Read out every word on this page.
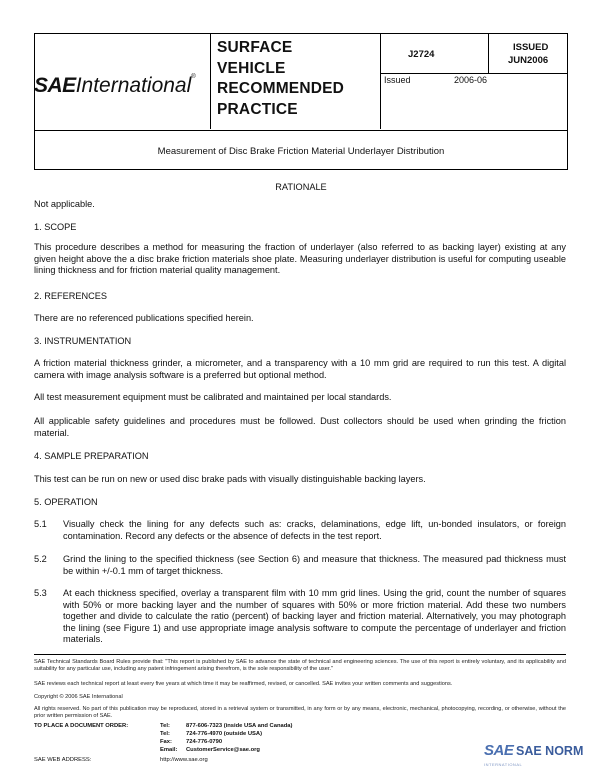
SAEInternational®
SURFACE
VEHICLE
RECOMMENDED
PRACTICE
J2724
ISSUED
JUN2006
Issued	2006-06
Measurement of Disc Brake Friction Material Underlayer Distribution
RATIONALE
Not applicable.
1. SCOPE
This procedure describes a method for measuring the fraction of underlayer (also referred to as backing layer) existing at any given height above the a disc brake friction materials shoe plate. Measuring underlayer distribution is useful for computing useable lining thickness and for friction material quality management.
2. REFERENCES
There are no referenced publications specified herein.
3. INSTRUMENTATION
A friction material thickness grinder, a micrometer, and a transparency with a 10 mm grid are required to run this test. A digital camera with image analysis software is a preferred but optional method.
All test measurement equipment must be calibrated and maintained per local standards.
All applicable safety guidelines and procedures must be followed. Dust collectors should be used when grinding the friction material.
4. SAMPLE PREPARATION
This test can be run on new or used disc brake pads with visually distinguishable backing layers.
5. OPERATION
5.1 Visually check the lining for any defects such as: cracks, delaminations, edge lift, un-bonded insulators, or foreign contamination. Record any defects or the absence of defects in the test report.
5.2 Grind the lining to the specified thickness (see Section 6) and measure that thickness. The measured pad thickness must be within +/-0.1 mm of target thickness.
5.3 At each thickness specified, overlay a transparent film with 10 mm grid lines. Using the grid, count the number of squares with 50% or more backing layer and the number of squares with 50% or more friction material. Add these two numbers together and divide to calculate the ratio (percent) of backing layer and friction material. Alternatively, you may photograph the lining (see Figure 1) and use appropriate image analysis software to compute the percentage of underlayer and friction materials.
SAE Technical Standards Board Rules provide that: "This report is published by SAE to advance the state of technical and engineering sciences. The use of this report is entirely voluntary, and its applicability and suitability for any particular use, including any patent infringement arising therefrom, is the sole responsibility of the user."
SAE reviews each technical report at least every five years at which time it may be reaffirmed, revised, or cancelled. SAE invites your written comments and suggestions.
Copyright © 2006 SAE International
All rights reserved. No part of this publication may be reproduced, stored in a retrieval system or transmitted, in any form or by any means, electronic, mechanical, photocopying, recording, or otherwise, without the prior written permission of SAE.
TO PLACE A DOCUMENT ORDER:	Tel:	877-606-7323 (inside USA and Canada)
Tel:	724-776-4970 (outside USA)
Fax: 724-776-0790
Email: CustomerService@sae.org
SAE WEB ADDRESS:	http://www.sae.org
SAE SAE NORM
INTERNATIONAL
